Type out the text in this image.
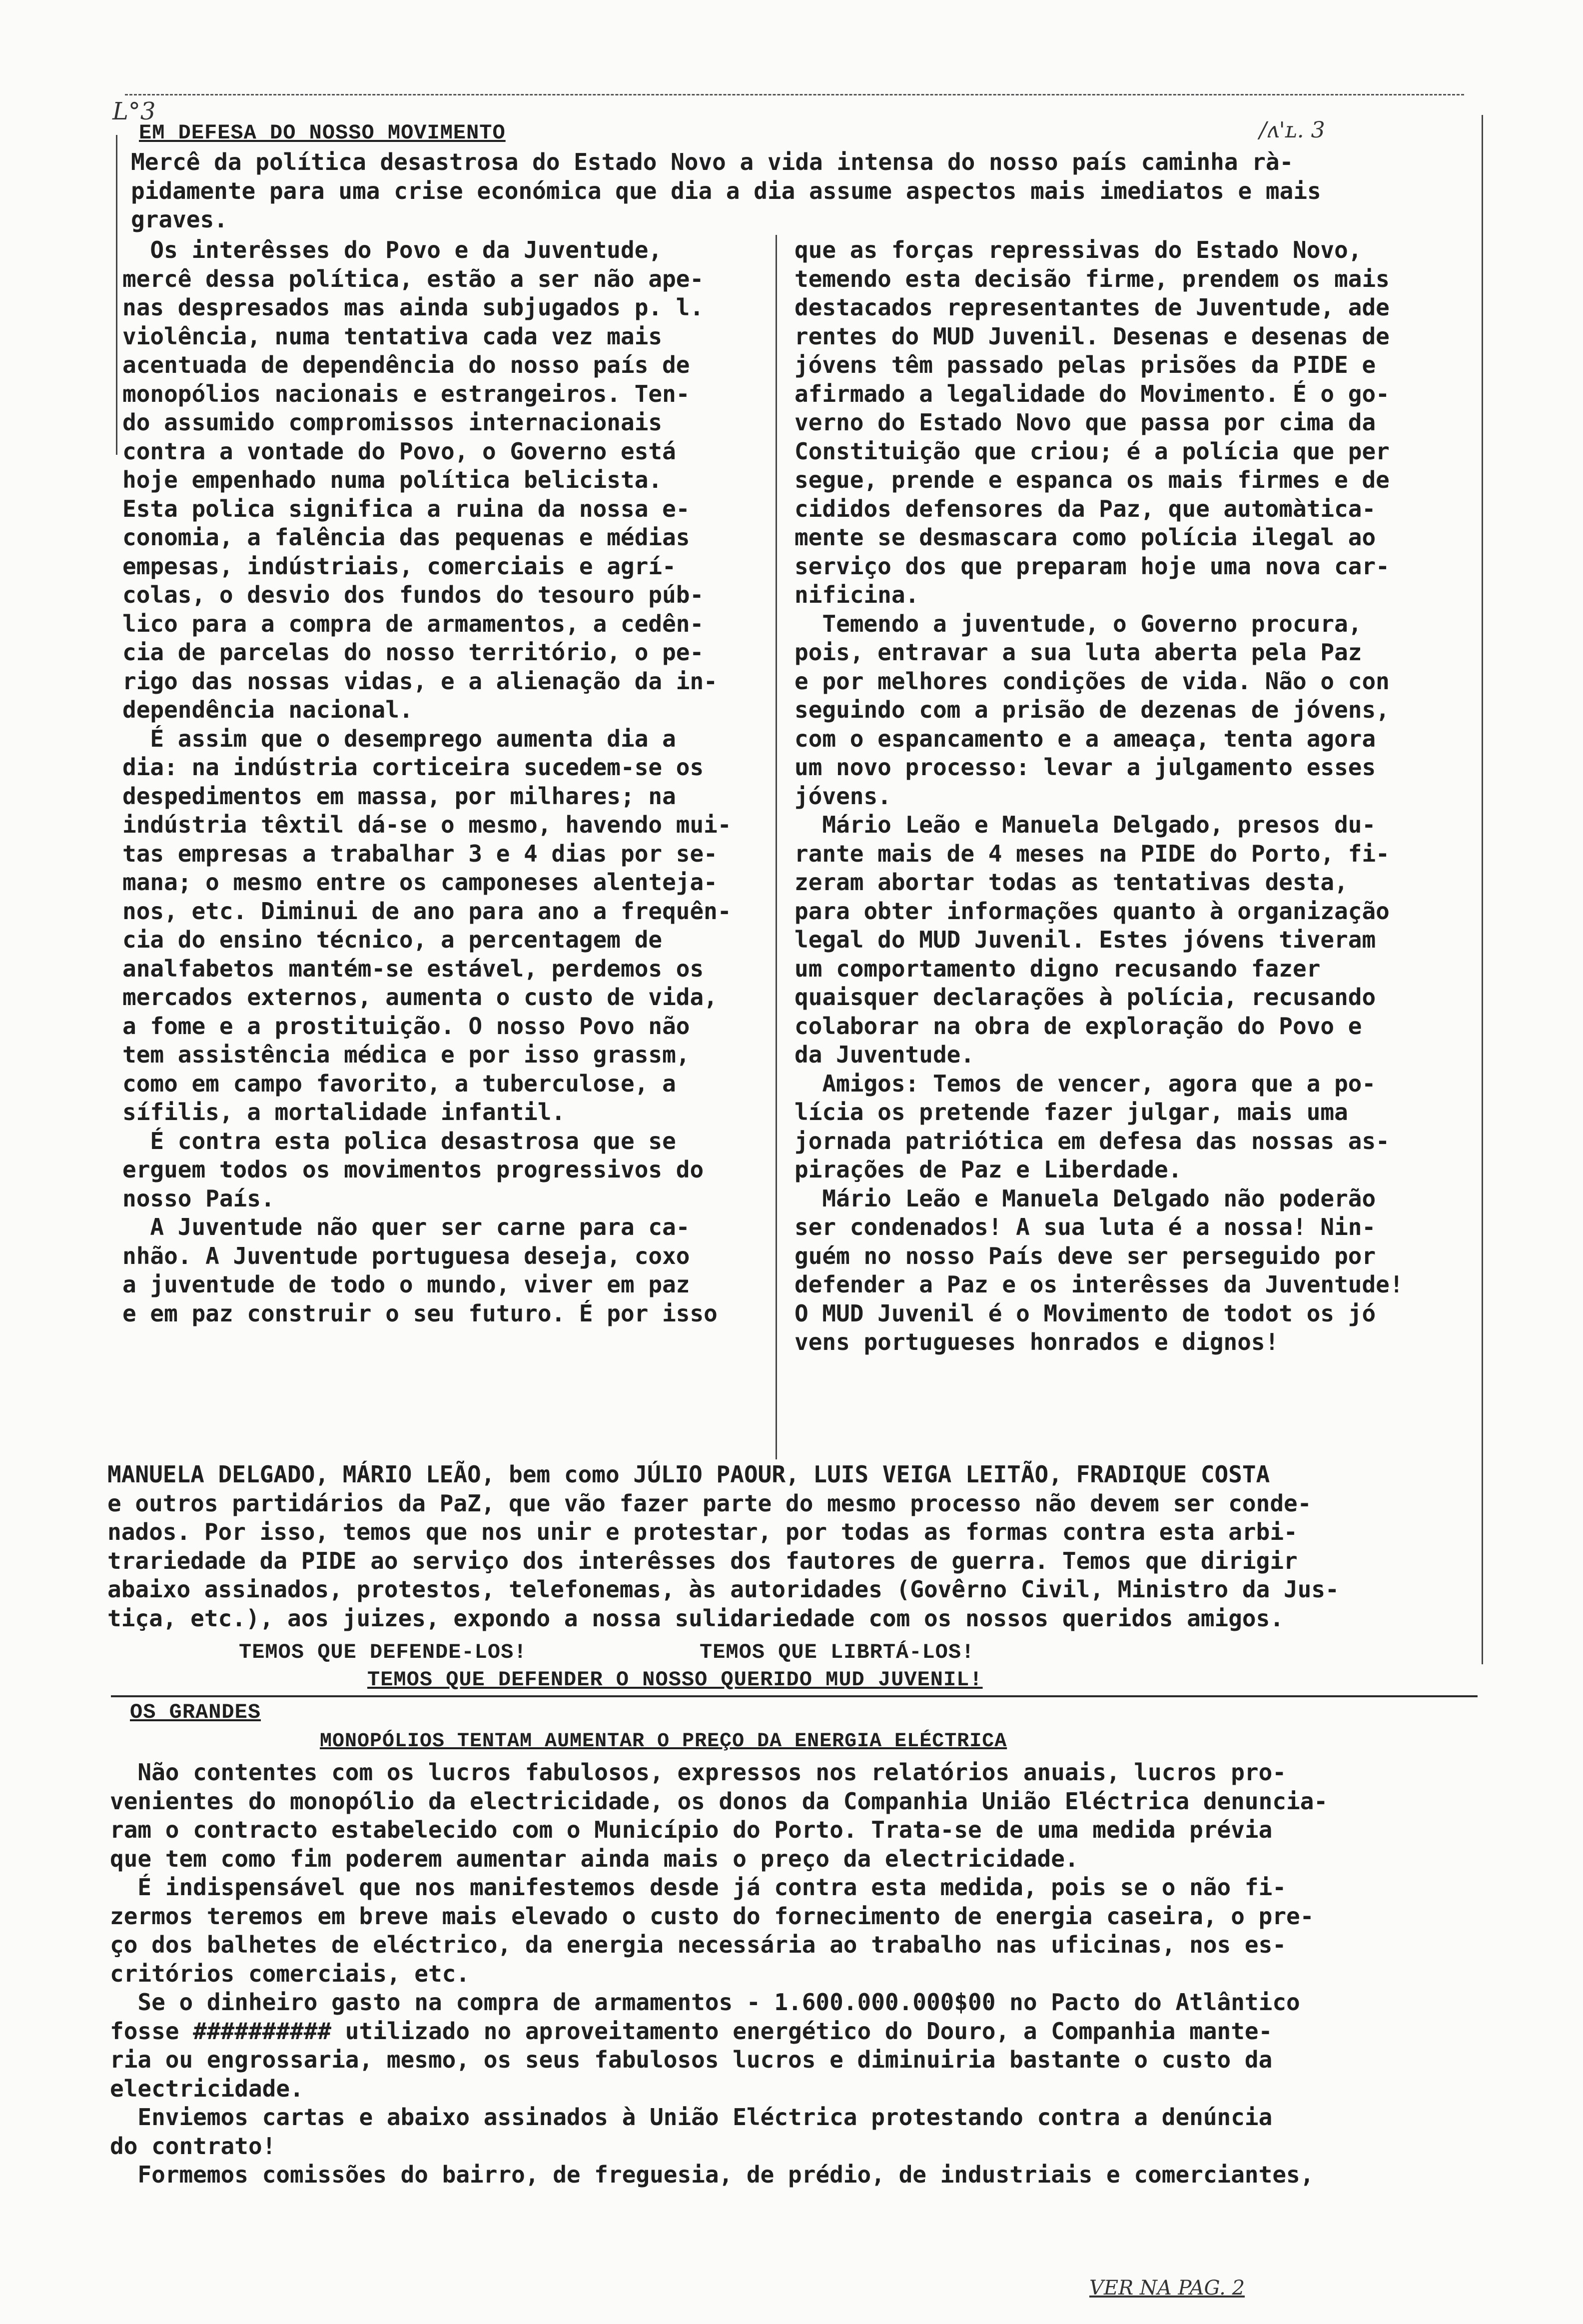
L°3
/ʌ'ʟ. 3
EM DEFESA DO NOSSO MOVIMENTO
Mercê da política desastrosa do Estado Novo a vida intensa do nosso país caminha rà-
pidamente para uma crise económica que dia a dia assume aspectos mais imediatos e mais
graves.
Os interêsses do Povo e da Juventude,
mercê dessa política, estão a ser não ape-
nas despresados mas ainda subjugados p. l.
violência, numa tentativa cada vez mais
acentuada de dependência do nosso país de
monopólios nacionais e estrangeiros. Ten-
do assumido compromissos internacionais
contra a vontade do Povo, o Governo está
hoje empenhado numa política belicista.
Esta polica significa a ruina da nossa e-
conomia, a falência das pequenas e médias
empesas, indústriais, comerciais e agrí-
colas, o desvio dos fundos do tesouro púb-
lico para a compra de armamentos, a cedên-
cia de parcelas do nosso território, o pe-
rigo das nossas vidas, e a alienação da in-
dependência nacional.
É assim que o desemprego aumenta dia a
dia: na indústria corticeira sucedem-se os
despedimentos em massa, por milhares; na
indústria têxtil dá-se o mesmo, havendo mui-
tas empresas a trabalhar 3 e 4 dias por se-
mana; o mesmo entre os camponeses alenteja-
nos, etc. Diminui de ano para ano a frequên-
cia do ensino técnico, a percentagem de
analfabetos mantém-se estável, perdemos os
mercados externos, aumenta o custo de vida,
a fome e a prostituição. O nosso Povo não
tem assistência médica e por isso grassm,
como em campo favorito, a tuberculose, a
sífilis, a mortalidade infantil.
É contra esta polica desastrosa que se
erguem todos os movimentos progressivos do
nosso País.
A Juventude não quer ser carne para ca-
nhão. A Juventude portuguesa deseja, coxo
a juventude de todo o mundo, viver em paz
e em paz construir o seu futuro. É por isso
que as forças repressivas do Estado Novo,
temendo esta decisão firme, prendem os mais
destacados representantes de Juventude, ade
rentes do MUD Juvenil. Desenas e desenas de
jóvens têm passado pelas prisões da PIDE e
afirmado a legalidade do Movimento. É o go-
verno do Estado Novo que passa por cima da
Constituição que criou; é a polícia que per
segue, prende e espanca os mais firmes e de
cididos defensores da Paz, que automàtica-
mente se desmascara como polícia ilegal ao
serviço dos que preparam hoje uma nova car-
nificina.
Temendo a juventude, o Governo procura,
pois, entravar a sua luta aberta pela Paz
e por melhores condições de vida. Não o con
seguindo com a prisão de dezenas de jóvens,
com o espancamento e a ameaça, tenta agora
um novo processo: levar a julgamento esses
jóvens.
Mário Leão e Manuela Delgado, presos du-
rante mais de 4 meses na PIDE do Porto, fi-
zeram abortar todas as tentativas desta,
para obter informações quanto à organização
legal do MUD Juvenil. Estes jóvens tiveram
um comportamento digno recusando fazer
quaisquer declarações à polícia, recusando
colaborar na obra de exploração do Povo e
da Juventude.
Amigos: Temos de vencer, agora que a po-
lícia os pretende fazer julgar, mais uma
jornada patriótica em defesa das nossas as-
pirações de Paz e Liberdade.
Mário Leão e Manuela Delgado não poderão
ser condenados! A sua luta é a nossa! Nin-
guém no nosso País deve ser perseguido por
defender a Paz e os interêsses da Juventude!
O MUD Juvenil é o Movimento de todot os jó
vens portugueses honrados e dignos!
MANUELA DELGADO, MÁRIO LEÃO, bem como JÚLIO PAOUR, LUIS VEIGA LEITÃO, FRADIQUE COSTA
e outros partidários da PaZ, que vão fazer parte do mesmo processo não devem ser conde-
nados. Por isso, temos que nos unir e protestar, por todas as formas contra esta arbi-
trariedade da PIDE ao serviço dos interêsses dos fautores de guerra. Temos que dirigir
abaixo assinados, protestos, telefonemas, às autoridades (Govêrno Civil, Ministro da Jus-
tiça, etc.), aos juizes, expondo a nossa sulidariedade com os nossos queridos amigos.
TEMOS QUE DEFENDE-LOS!	TEMOS QUE LIBRTÁ-LOS!
TEMOS QUE DEFENDER O NOSSO QUERIDO MUD JUVENIL!
OS GRANDES
MONOPÓLIOS TENTAM AUMENTAR O PREÇO DA ENERGIA ELÉCTRICA
Não contentes com os lucros fabulosos, expressos nos relatórios anuais, lucros pro-
venientes do monopólio da electricidade, os donos da Companhia União Eléctrica denuncia-
ram o contracto estabelecido com o Município do Porto. Trata-se de uma medida prévia
que tem como fim poderem aumentar ainda mais o preço da electricidade.
É indispensável que nos manifestemos desde já contra esta medida, pois se o não fi-
zermos teremos em breve mais elevado o custo do fornecimento de energia caseira, o pre-
ço dos balhetes de eléctrico, da energia necessária ao trabalho nas uficinas, nos es-
critórios comerciais, etc.
Se o dinheiro gasto na compra de armamentos - 1.600.000.000$00 no Pacto do Atlântico
fosse ########## utilizado no aproveitamento energético do Douro, a Companhia mante-
ria ou engrossaria, mesmo, os seus fabulosos lucros e diminuiria bastante o custo da
electricidade.
Enviemos cartas e abaixo assinados à União Eléctrica protestando contra a denúncia
do contrato!
Formemos comissões do bairro, de freguesia, de prédio, de industriais e comerciantes,
VER NA PAG. 2
